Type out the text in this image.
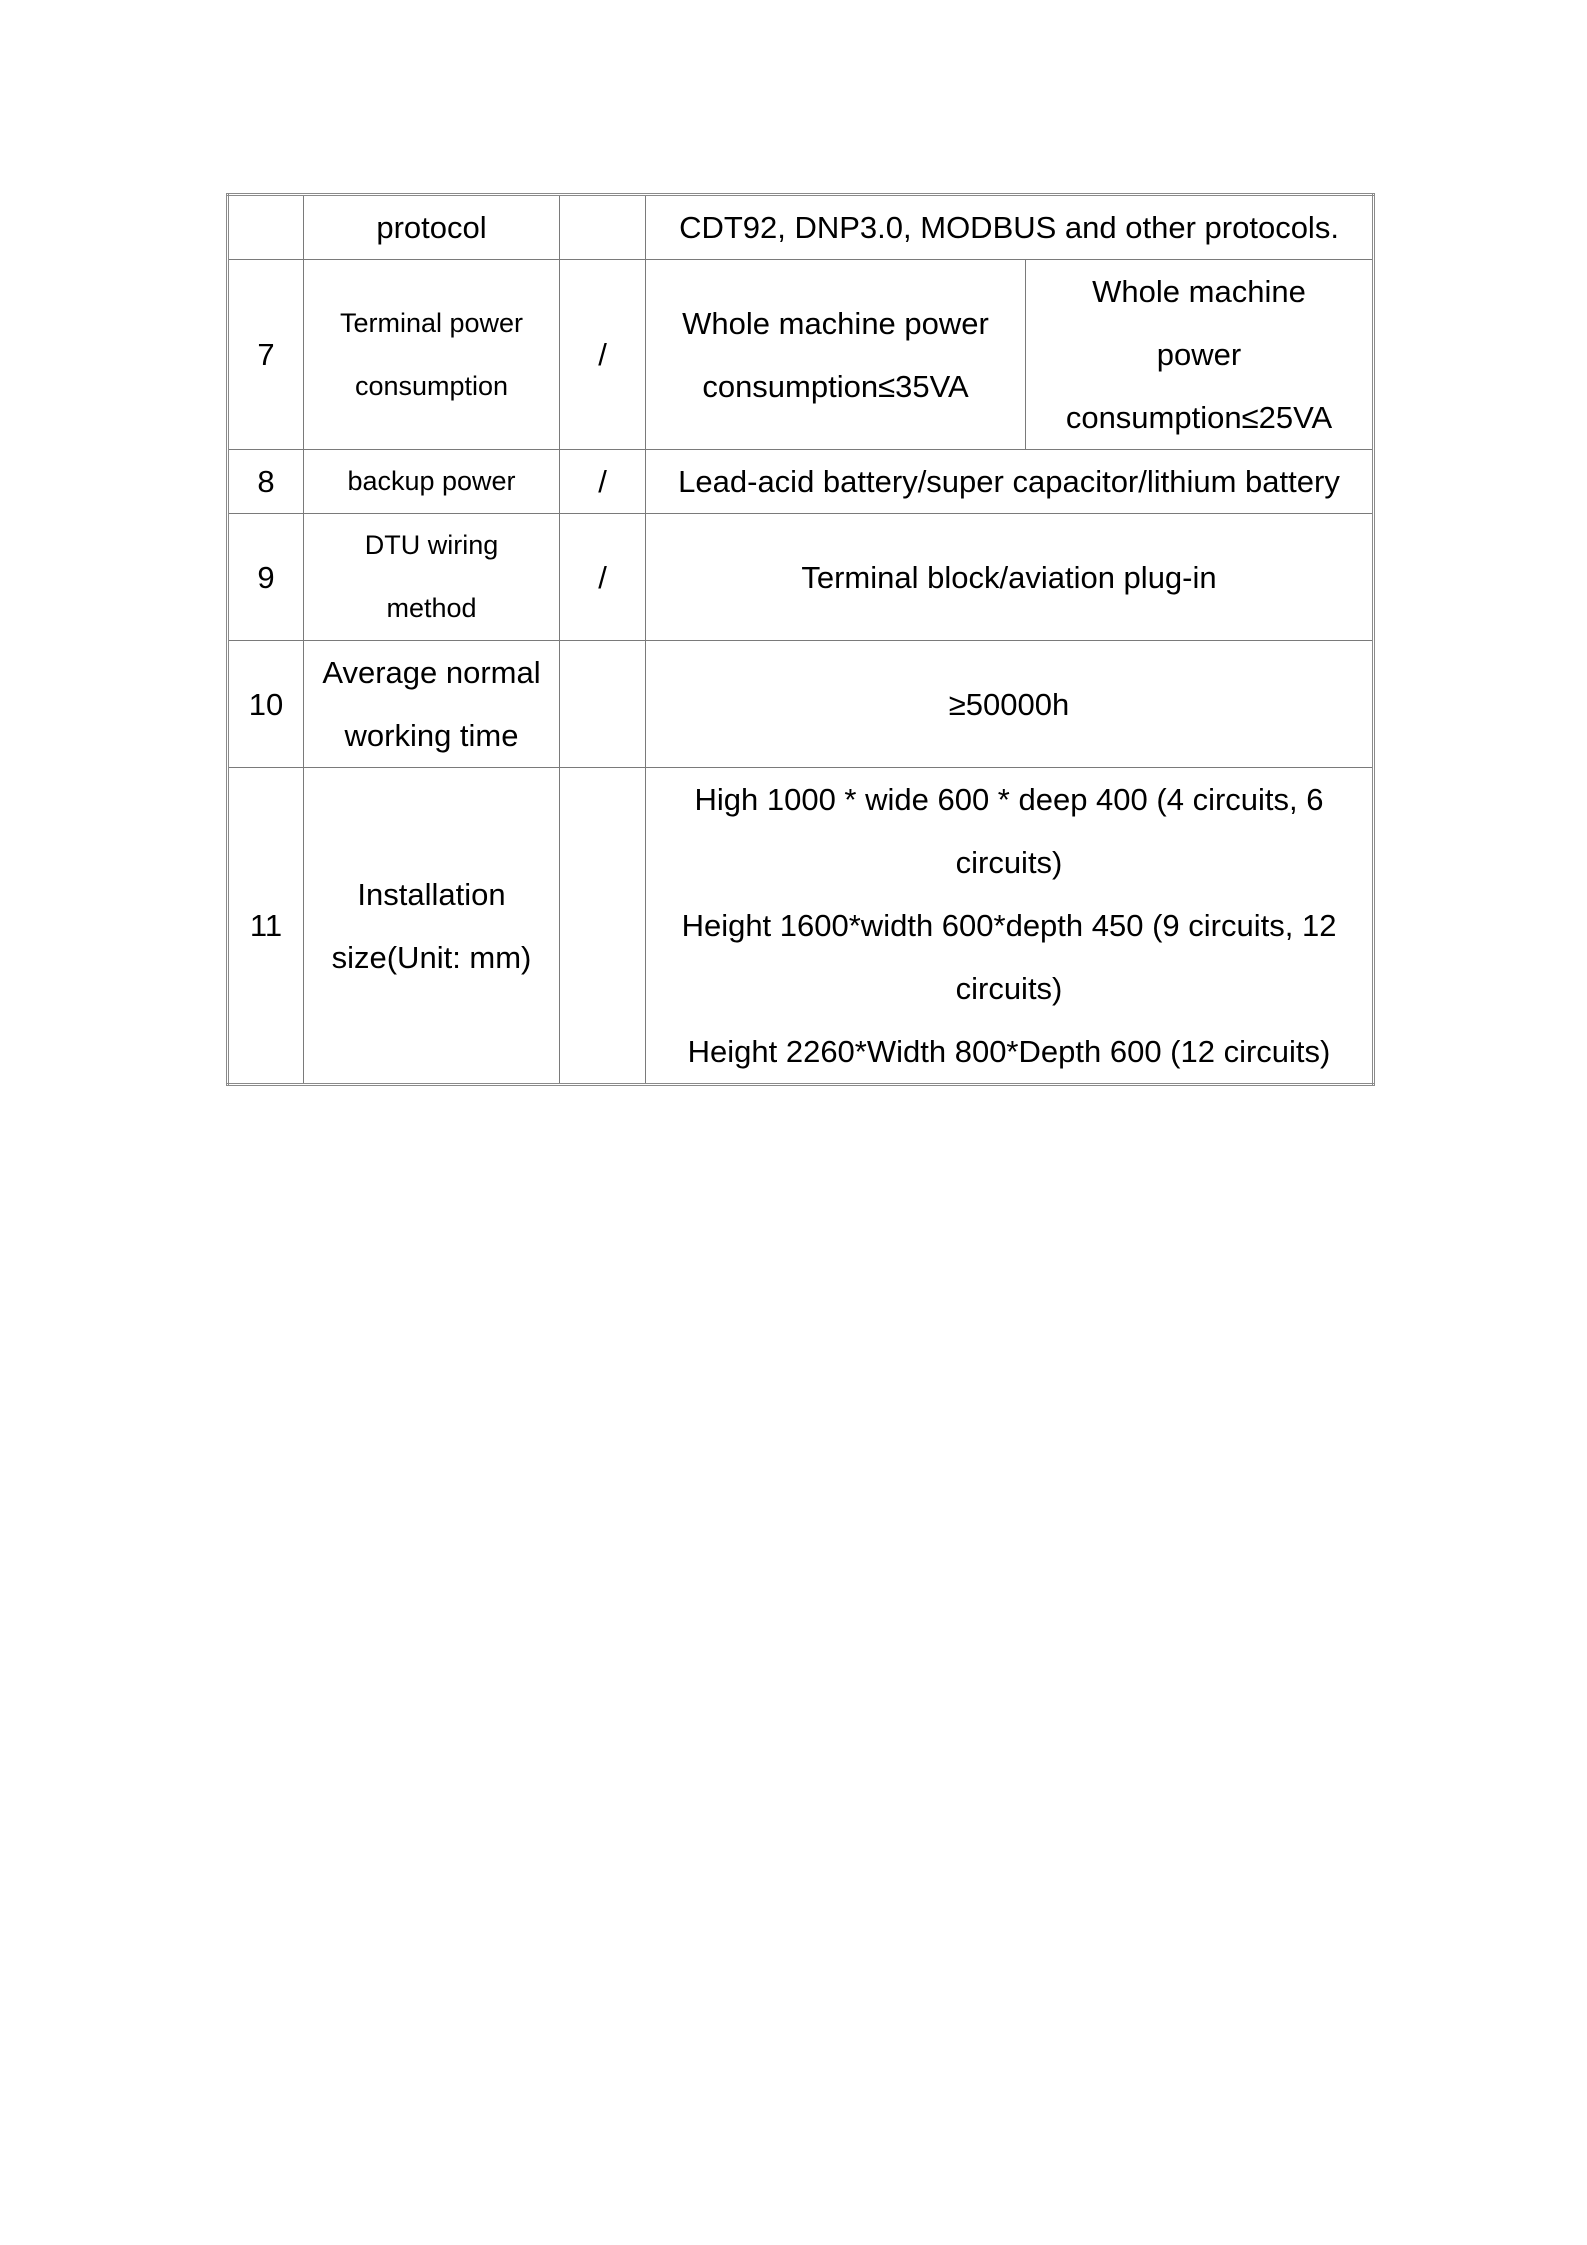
	protocol		CDT92, DNP3.0, MODBUS and other protocols.	
7	Terminal power consumption	/	Whole machine power consumption≤35VA	Whole machine power consumption≤25VA
8	backup power	/	Lead-acid battery/super capacitor/lithium battery	
9	DTU wiring method	/	Terminal block/aviation plug-in	
10	Average normal working time		≥50000h	
11	Installation size(Unit: mm)		High 1000 * wide 600 * deep 400 (4 circuits, 6 circuits)
Height 1600*width 600*depth 450 (9 circuits, 12 circuits)
Height 2260*Width 800*Depth 600 (12 circuits)	
